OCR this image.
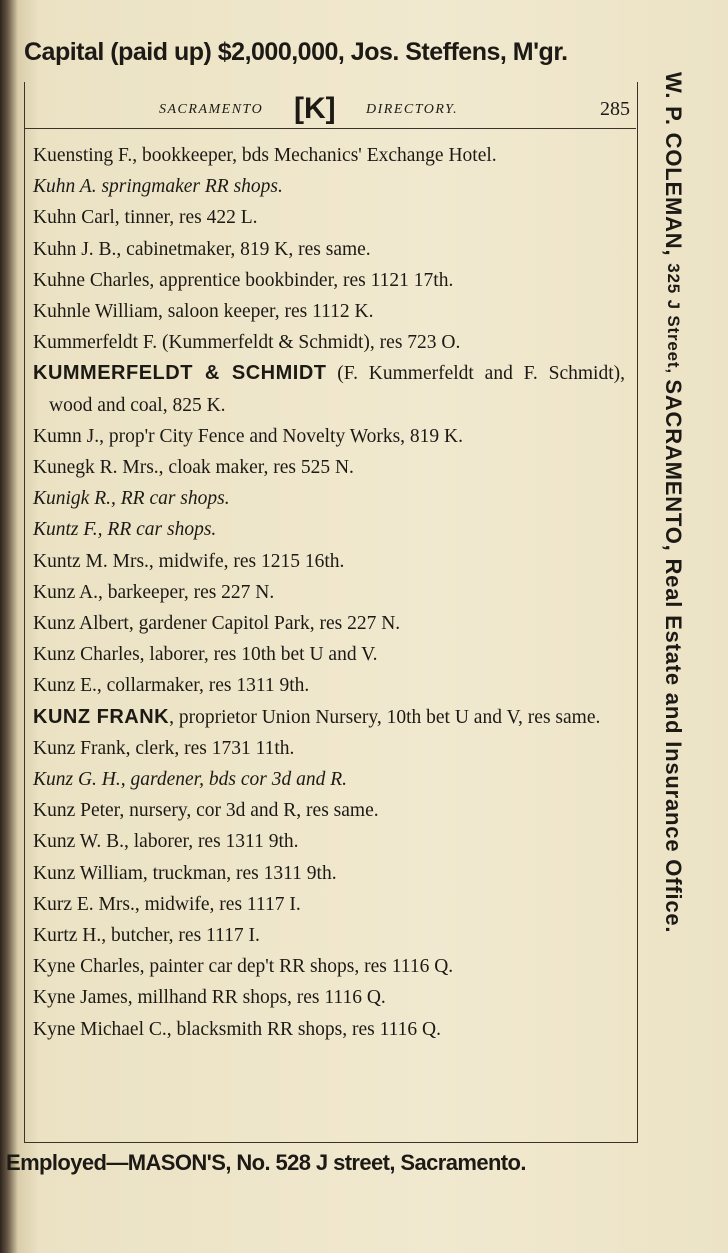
Capital (paid up) $2,000,000, Jos. Steffens, M'gr.
SACRAMENTO [K] DIRECTORY.	285
Kuensting F., bookkeeper, bds Mechanics' Exchange Hotel.
Kuhn A. springmaker RR shops.
Kuhn Carl, tinner, res 422 L.
Kuhn J. B., cabinetmaker, 819 K, res same.
Kuhne Charles, apprentice bookbinder, res 1121 17th.
Kuhnle William, saloon keeper, res 1112 K.
Kummerfeldt F. (Kummerfeldt & Schmidt), res 723 O.
KUMMERFELDT & SCHMIDT (F. Kummerfeldt and F. Schmidt), wood and coal, 825 K.
Kumn J., prop'r City Fence and Novelty Works, 819 K.
Kunegk R. Mrs., cloak maker, res 525 N.
Kunigk R., RR car shops.
Kuntz F., RR car shops.
Kuntz M. Mrs., midwife, res 1215 16th.
Kunz A., barkeeper, res 227 N.
Kunz Albert, gardener Capitol Park, res 227 N.
Kunz Charles, laborer, res 10th bet U and V.
Kunz E., collarmaker, res 1311 9th.
KUNZ FRANK, proprietor Union Nursery, 10th bet U and V, res same.
Kunz Frank, clerk, res 1731 11th.
Kunz G. H., gardener, bds cor 3d and R.
Kunz Peter, nursery, cor 3d and R, res same.
Kunz W. B., laborer, res 1311 9th.
Kunz William, truckman, res 1311 9th.
Kurz E. Mrs., midwife, res 1117 I.
Kurtz H., butcher, res 1117 I.
Kyne Charles, painter car dep't RR shops, res 1116 Q.
Kyne James, millhand RR shops, res 1116 Q.
Kyne Michael C., blacksmith RR shops, res 1116 Q.
W. P. COLEMAN, 325 J Street, SACRAMENTO, Real Estate and Insurance Office.
Employed—MASON'S, No. 528 J street, Sacramento.
